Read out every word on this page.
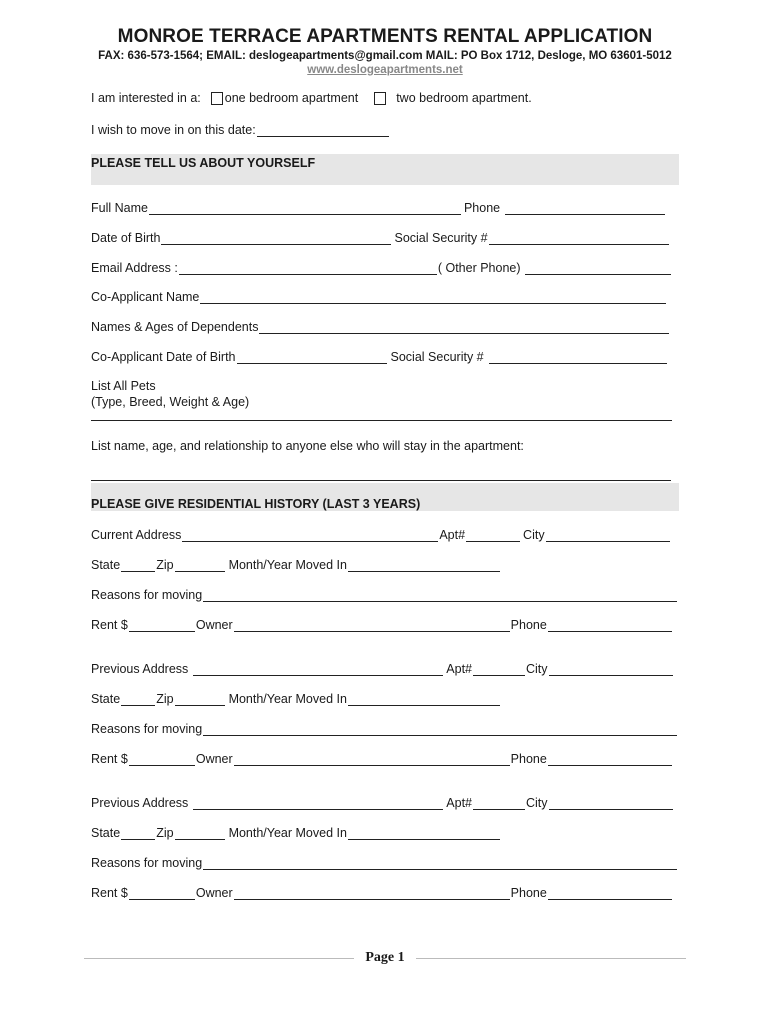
MONROE TERRACE APARTMENTS RENTAL APPLICATION
FAX: 636-573-1564; EMAIL: deslogeapartments@gmail.com MAIL: PO Box 1712, Desloge, MO 63601-5012
www.deslogeapartments.net
I am interested in a: one bedroom apartment	two bedroom apartment.
I wish to move in on this date:
PLEASE TELL US ABOUT YOURSELF
Full Name	Phone
Date of Birth	Social Security #
Email Address :	( Other Phone)
Co-Applicant Name
Names & Ages of Dependents
Co-Applicant Date of Birth	Social Security #
List All Pets
(Type, Breed, Weight & Age)
List name, age, and relationship to anyone else who will stay in the apartment:
PLEASE GIVE RESIDENTIAL HISTORY (LAST 3 YEARS)
Current Address	Apt#	City
State	Zip	Month/Year Moved In
Reasons for moving
Rent $	Owner	Phone
Previous Address	Apt#	City
State	Zip	Month/Year Moved In
Reasons for moving
Rent $	Owner	Phone
Previous Address	Apt#	City
State	Zip	Month/Year Moved In
Reasons for moving
Rent $	Owner	Phone
Page 1
